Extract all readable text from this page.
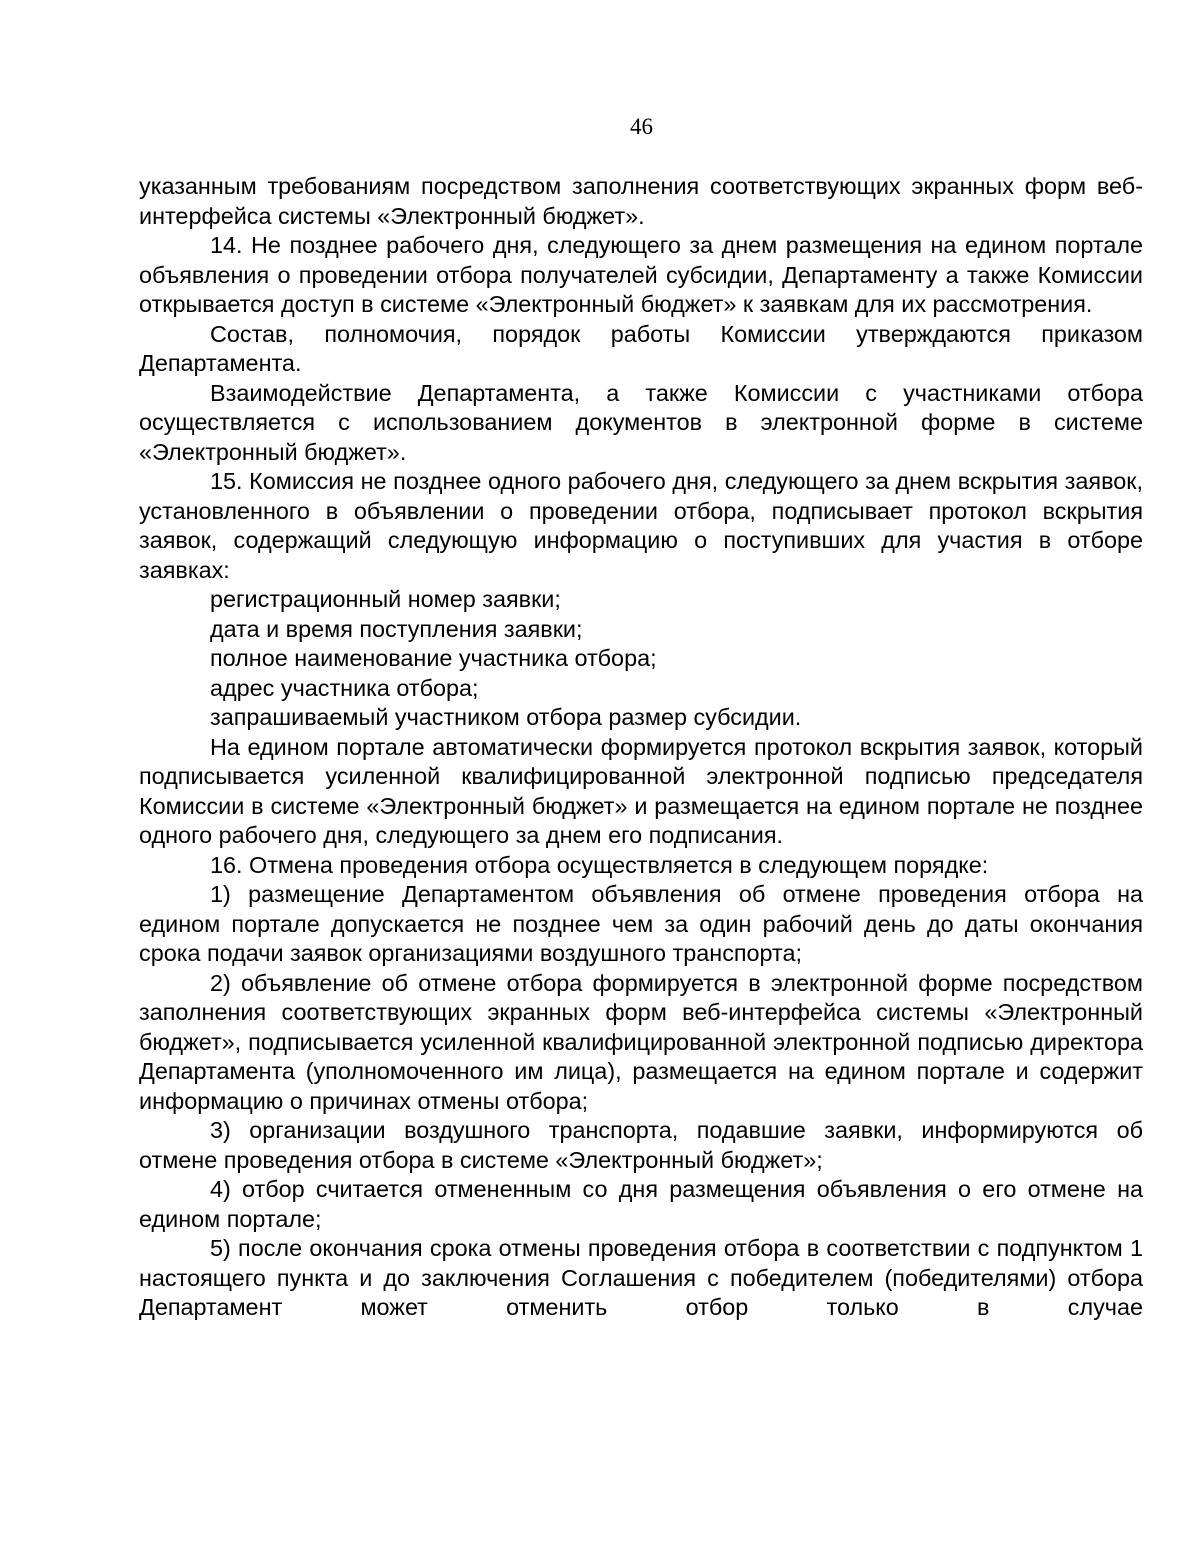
46

указанным требованиям посредством заполнения соответствующих экранных форм веб-интерфейса системы «Электронный бюджет».

14. Не позднее рабочего дня, следующего за днем размещения на едином портале объявления о проведении отбора получателей субсидии, Департаменту а также Комиссии открывается доступ в системе «Электронный бюджет» к заявкам для их рассмотрения.

Состав, полномочия, порядок работы Комиссии утверждаются приказом Департамента.

Взаимодействие Департамента, а также Комиссии с участниками отбора осуществляется с использованием документов в электронной форме в системе «Электронный бюджет».

15. Комиссия не позднее одного рабочего дня, следующего за днем вскрытия заявок, установленного в объявлении о проведении отбора, подписывает протокол вскрытия заявок, содержащий следующую информацию о поступивших для участия в отборе заявках:

регистрационный номер заявки;

дата и время поступления заявки;

полное наименование участника отбора;

адрес участника отбора;

запрашиваемый участником отбора размер субсидии.

На едином портале автоматически формируется протокол вскрытия заявок, который подписывается усиленной квалифицированной электронной подписью председателя Комиссии в системе «Электронный бюджет» и размещается на едином портале не позднее одного рабочего дня, следующего за днем его подписания.

16. Отмена проведения отбора осуществляется в следующем порядке:

1) размещение Департаментом объявления об отмене проведения отбора на едином портале допускается не позднее чем за один рабочий день до даты окончания срока подачи заявок организациями воздушного транспорта;

2) объявление об отмене отбора формируется в электронной форме посредством заполнения соответствующих экранных форм веб-интерфейса системы «Электронный бюджет», подписывается усиленной квалифицированной электронной подписью директора Департамента (уполномоченного им лица), размещается на едином портале и содержит информацию о причинах отмены отбора;

3) организации воздушного транспорта, подавшие заявки, информируются об отмене проведения отбора в системе «Электронный бюджет»;

4) отбор считается отмененным со дня размещения объявления о его отмене на едином портале;

5) после окончания срока отмены проведения отбора в соответствии с подпунктом 1 настоящего пункта и до заключения Соглашения с победителем (победителями) отбора Департамент может отменить отбор только в случае
